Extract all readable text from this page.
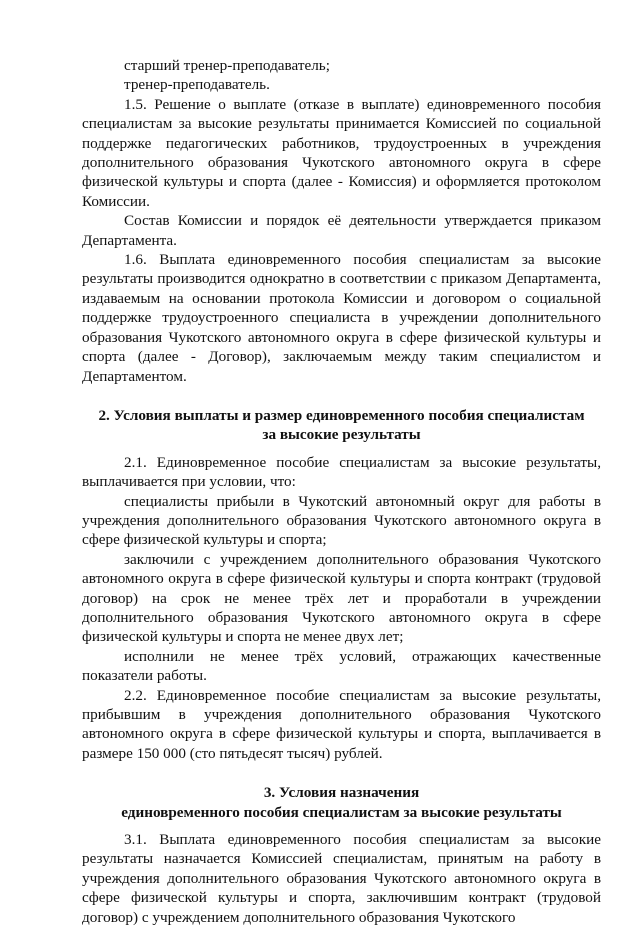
старший тренер-преподаватель;

тренер-преподаватель.

1.5. Решение о выплате (отказе в выплате) единовременного пособия специалистам за высокие результаты принимается Комиссией по социальной поддержке педагогических работников, трудоустроенных в учреждения дополнительного образования Чукотского автономного округа в сфере физической культуры и спорта (далее - Комиссия) и оформляется протоколом Комиссии.

Состав Комиссии и порядок её деятельности утверждается приказом Департамента.

1.6. Выплата единовременного пособия специалистам за высокие результаты производится однократно в соответствии с приказом Департамента, издаваемым на основании протокола Комиссии и договором о социальной поддержке трудоустроенного специалиста в учреждении дополнительного образования Чукотского автономного округа в сфере физической культуры и спорта (далее - Договор), заключаемым между таким специалистом и Департаментом.

2. Условия выплаты и размер единовременного пособия специалистам

за высокие результаты

2.1. Единовременное пособие специалистам за высокие результаты, выплачивается при условии, что:

специалисты прибыли в Чукотский автономный округ для работы в учреждения дополнительного образования Чукотского автономного округа в сфере физической культуры и спорта;

заключили с учреждением дополнительного образования Чукотского автономного округа в сфере физической культуры и спорта контракт (трудовой договор) на срок не менее трёх лет и проработали в учреждении дополнительного образования Чукотского автономного округа в сфере физической культуры и спорта не менее двух лет;

исполнили не менее трёх условий, отражающих качественные показатели работы.

2.2. Единовременное пособие специалистам за высокие результаты, прибывшим в учреждения дополнительного образования Чукотского автономного округа в сфере физической культуры и спорта, выплачивается в размере 150 000 (сто пятьдесят тысяч) рублей.

3. Условия назначения

единовременного пособия специалистам за высокие результаты

3.1. Выплата единовременного пособия специалистам за высокие результаты назначается Комиссией специалистам, принятым на работу в учреждения дополнительного образования Чукотского автономного округа в сфере физической культуры и спорта, заключившим контракт (трудовой договор) с учреждением дополнительного образования Чукотского
